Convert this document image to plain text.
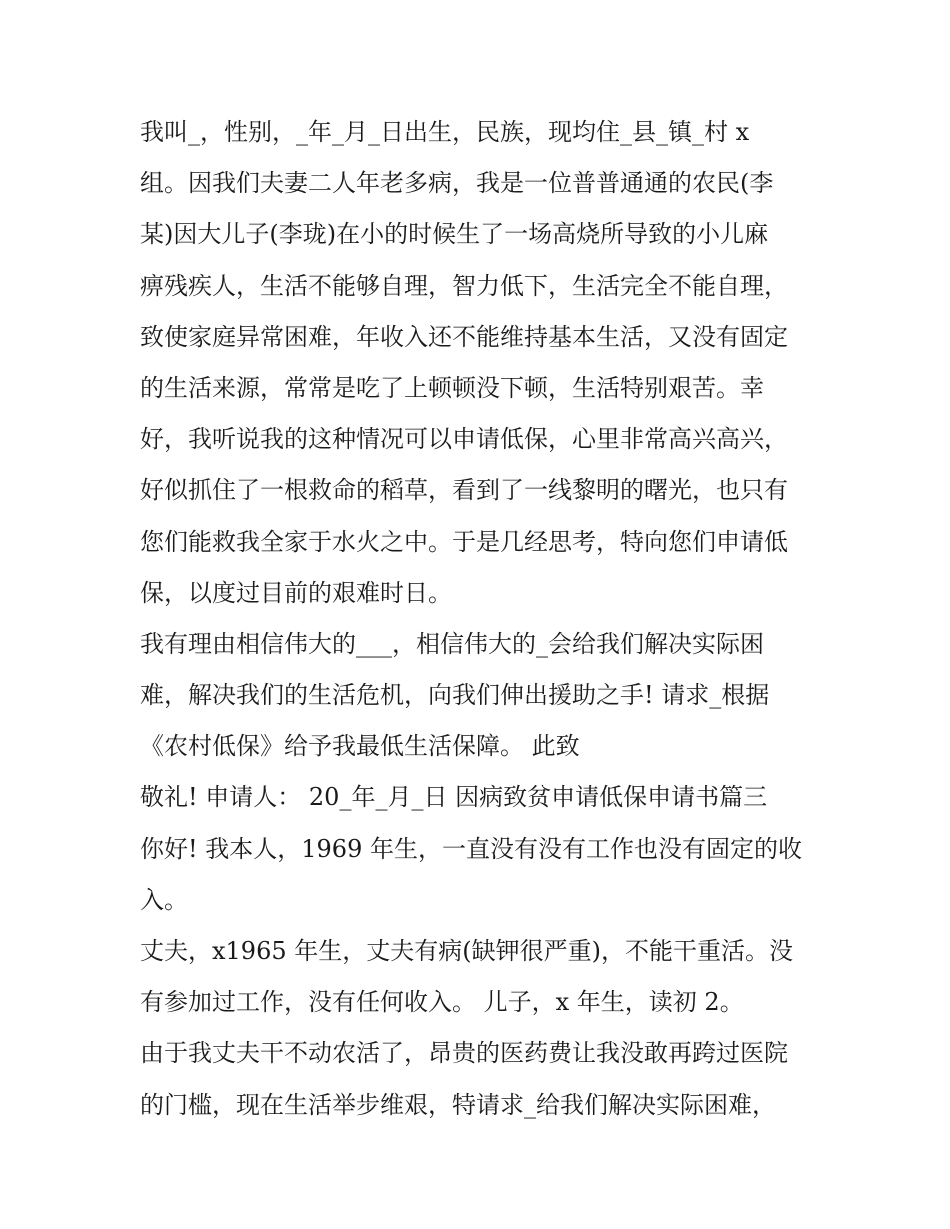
我叫_，性别，_年_月_日出生，民族，现均住_县_镇_村 x
组。因我们夫妻二人年老多病，我是一位普普通通的农民(李
某)因大儿子(李珑)在小的时候生了一场高烧所导致的小儿麻
痹残疾人，生活不能够自理，智力低下，生活完全不能自理，
致使家庭异常困难，年收入还不能维持基本生活，又没有固定
的生活来源，常常是吃了上顿顿没下顿，生活特别艰苦。幸
好，我听说我的这种情况可以申请低保，心里非常高兴高兴，
好似抓住了一根救命的稻草，看到了一线黎明的曙光，也只有
您们能救我全家于水火之中。于是几经思考，特向您们申请低
保，以度过目前的艰难时日。
我有理由相信伟大的___，相信伟大的_会给我们解决实际困
难，解决我们的生活危机，向我们伸出援助之手! 请求_根据
《农村低保》给予我最低生活保障。 此致
敬礼! 申请人： 20_年_月_日 因病致贫申请低保申请书篇三
你好! 我本人，1969 年生，一直没有没有工作也没有固定的收
入。
丈夫，x1965 年生，丈夫有病(缺钾很严重)，不能干重活。没
有参加过工作，没有任何收入。 儿子，x 年生，读初 2。
由于我丈夫干不动农活了，昂贵的医药费让我没敢再跨过医院
的门槛，现在生活举步维艰，特请求_给我们解决实际困难，
